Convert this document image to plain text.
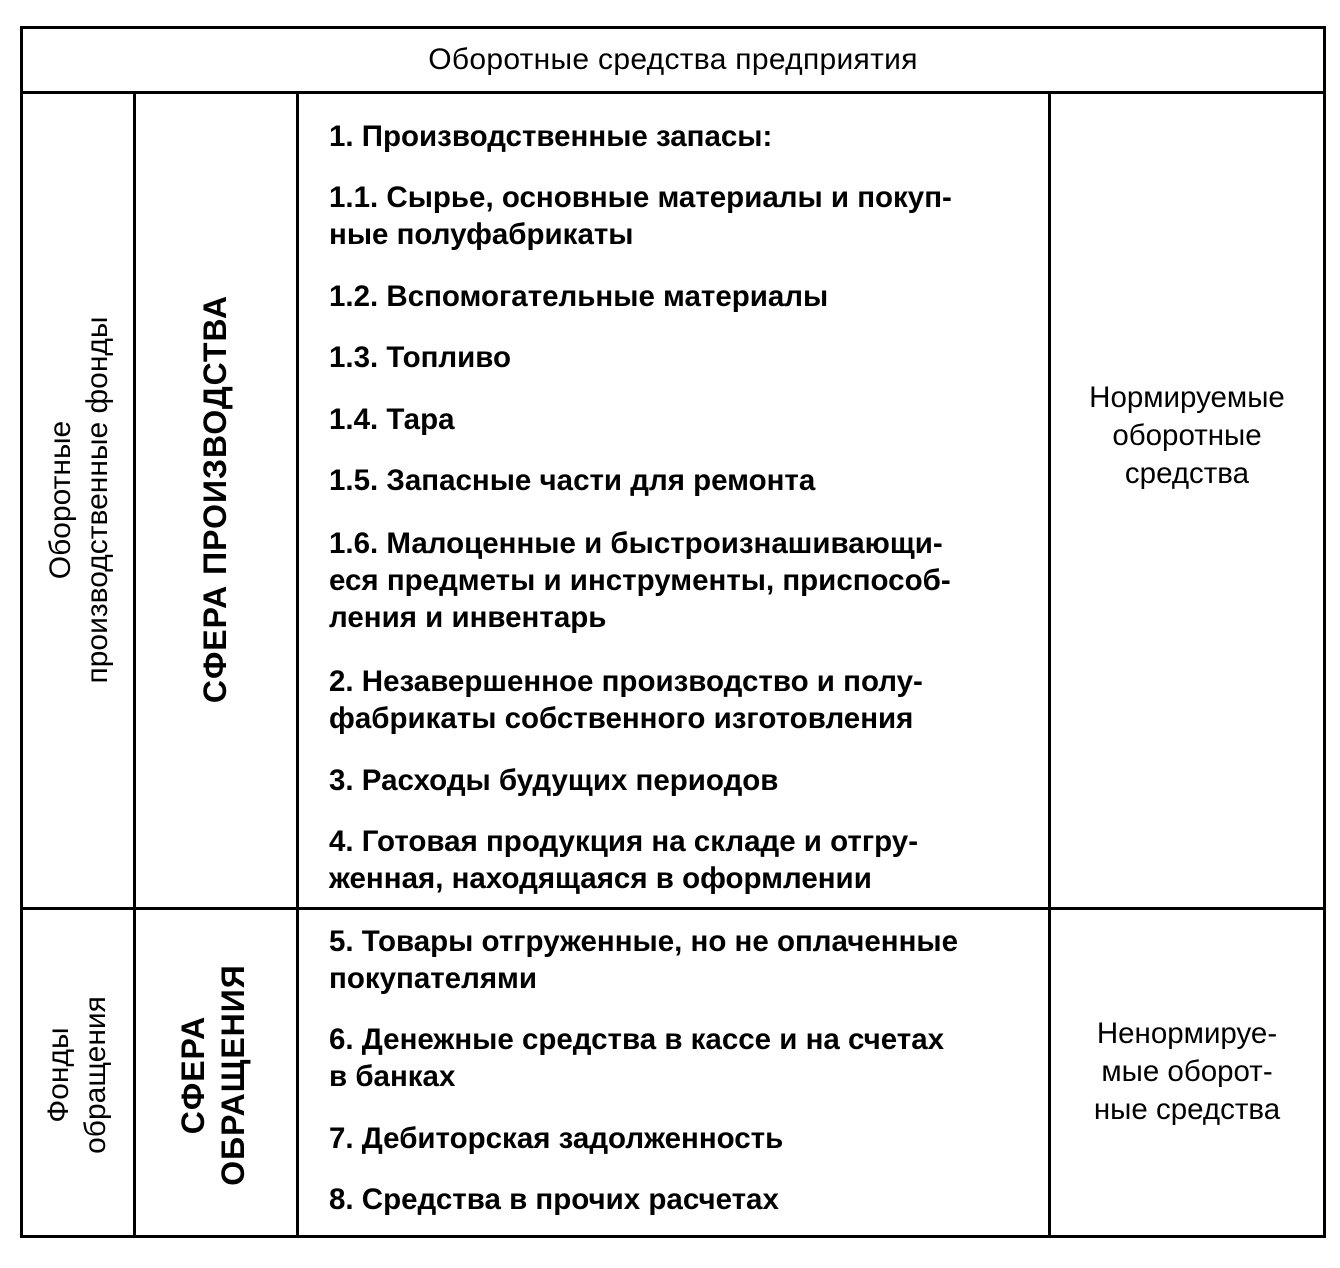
Оборотные средства предприятия
Оборотные
производственные фонды	СФЕРА ПРОИЗВОДСТВА
1. Производственные запасы:
1.1. Сырье, основные материалы и покуп-
ные полуфабрикаты
1.2. Вспомогательные материалы
1.3. Топливо
1.4. Тара
1.5. Запасные части для ремонта
1.6. Малоценные и быстроизнашивающи-
еся предметы и инструменты, приспособ-
ления и инвентарь
2. Незавершенное производство и полу-
фабрикаты собственного изготовления
3. Расходы будущих периодов
4. Готовая продукция на складе и отгру-
женная, находящаяся в оформлении
Нормируемые
оборотные
средства
Фонды
обращения	СФЕРА
ОБРАЩЕНИЯ
5. Товары отгруженные, но не оплаченные
покупателями
6. Денежные средства в кассе и на счетах
в банках
7. Дебиторская задолженность
8. Средства в прочих расчетах
Ненормируе-
мые оборот-
ные средства
